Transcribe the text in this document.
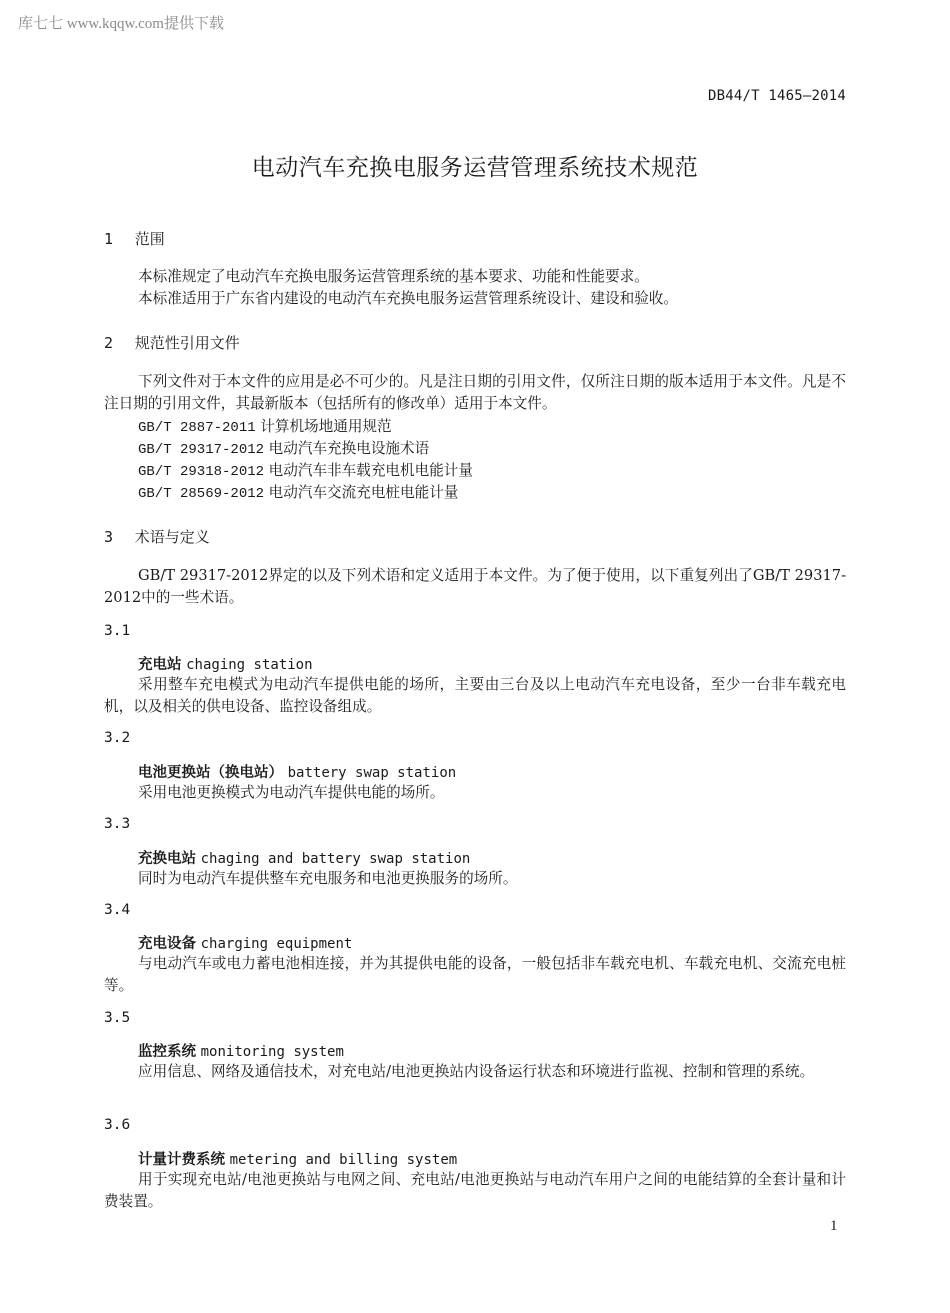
库七七 www.kqqw.com提供下载
DB44/T 1465—2014
电动汽车充换电服务运营管理系统技术规范
1 范围
本标准规定了电动汽车充换电服务运营管理系统的基本要求、功能和性能要求。
本标准适用于广东省内建设的电动汽车充换电服务运营管理系统设计、建设和验收。
2 规范性引用文件
下列文件对于本文件的应用是必不可少的。凡是注日期的引用文件，仅所注日期的版本适用于本文件。凡是不注日期的引用文件，其最新版本（包括所有的修改单）适用于本文件。
GB/T 2887-2011 计算机场地通用规范
GB/T 29317-2012 电动汽车充换电设施术语
GB/T 29318-2012 电动汽车非车载充电机电能计量
GB/T 28569-2012 电动汽车交流充电桩电能计量
3 术语与定义
GB/T 29317-2012界定的以及下列术语和定义适用于本文件。为了便于使用，以下重复列出了GB/T 29317-2012中的一些术语。
3.1
充电站 chaging station
采用整车充电模式为电动汽车提供电能的场所，主要由三台及以上电动汽车充电设备，至少一台非车载充电机，以及相关的供电设备、监控设备组成。
3.2
电池更换站（换电站） battery swap station
采用电池更换模式为电动汽车提供电能的场所。
3.3
充换电站 chaging and battery swap station
同时为电动汽车提供整车充电服务和电池更换服务的场所。
3.4
充电设备 charging equipment
与电动汽车或电力蓄电池相连接，并为其提供电能的设备，一般包括非车载充电机、车载充电机、交流充电桩等。
3.5
监控系统 monitoring system
应用信息、网络及通信技术，对充电站/电池更换站内设备运行状态和环境进行监视、控制和管理的系统。
3.6
计量计费系统 metering and billing system
用于实现充电站/电池更换站与电网之间、充电站/电池更换站与电动汽车用户之间的电能结算的全套计量和计费装置。
1
